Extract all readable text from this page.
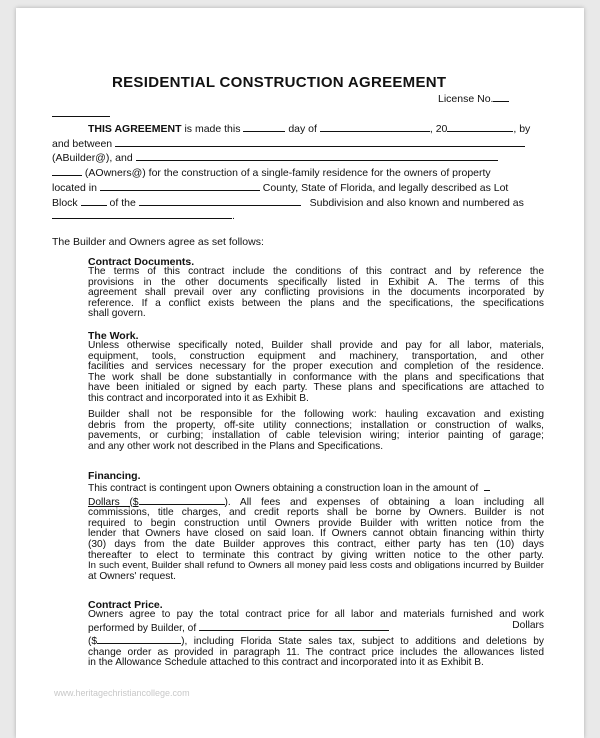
RESIDENTIAL CONSTRUCTION AGREEMENT
License No.
THIS AGREEMENT is made this	day of	, 20	, by
and between
(ABuilder@), and
(AOwners@) for the construction of a single-family residence for the owners of property
located in	County, State of Florida, and legally described as Lot
Block	of the	Subdivision and also known and numbered as
.
The Builder and Owners agree as set follows:
Contract Documents.
The terms of this contract include the conditions of this contract and by reference the
provisions in the other documents specifically listed in Exhibit A. The terms of this
agreement shall prevail over any conflicting provisions in the documents incorporated by
reference. If a conflict exists between the plans and the specifications, the specifications
shall govern.
The Work.
Unless otherwise specifically noted, Builder shall provide and pay for all labor, materials,
equipment, tools, construction equipment and machinery, transportation, and other
facilities and services necessary for the proper execution and completion of the residence.
The work shall be done substantially in conformance with the plans and specifications that
have been initialed or signed by each party. These plans and specifications are attached to
this contract and incorporated into it as Exhibit B.
Builder shall not be responsible for the following work: hauling excavation and existing
debris from the property, off-site utility connections; installation or construction of walks,
pavements, or curbing; installation of cable television wiring; interior painting of garage;
and any other work not described in the Plans and Specifications.
Financing.
This contract is contingent upon Owners obtaining a construction loan in the amount of
Dollars ($	). All fees and expenses of obtaining a loan including all
commissions, title charges, and credit reports shall be borne by Owners. Builder is not
required to begin construction until Owners provide Builder with written notice from the
lender that Owners have closed on said loan. If Owners cannot obtain financing within thirty
(30) days from the date Builder approves this contract, either party has ten (10) days
thereafter to elect to terminate this contract by giving written notice to the other party.
In such event, Builder shall refund to Owners all money paid less costs and obligations incurred by Builder
at Owners' request.
Contract Price.
Owners agree to pay the total contract price for all labor and materials furnished and work
performed by Builder, of	Dollars
($	), including Florida State sales tax, subject to additions and deletions by
change order as provided in paragraph 11. The contract price includes the allowances listed
in the Allowance Schedule attached to this contract and incorporated into it as Exhibit B.
www.heritagechristiancollege.com
